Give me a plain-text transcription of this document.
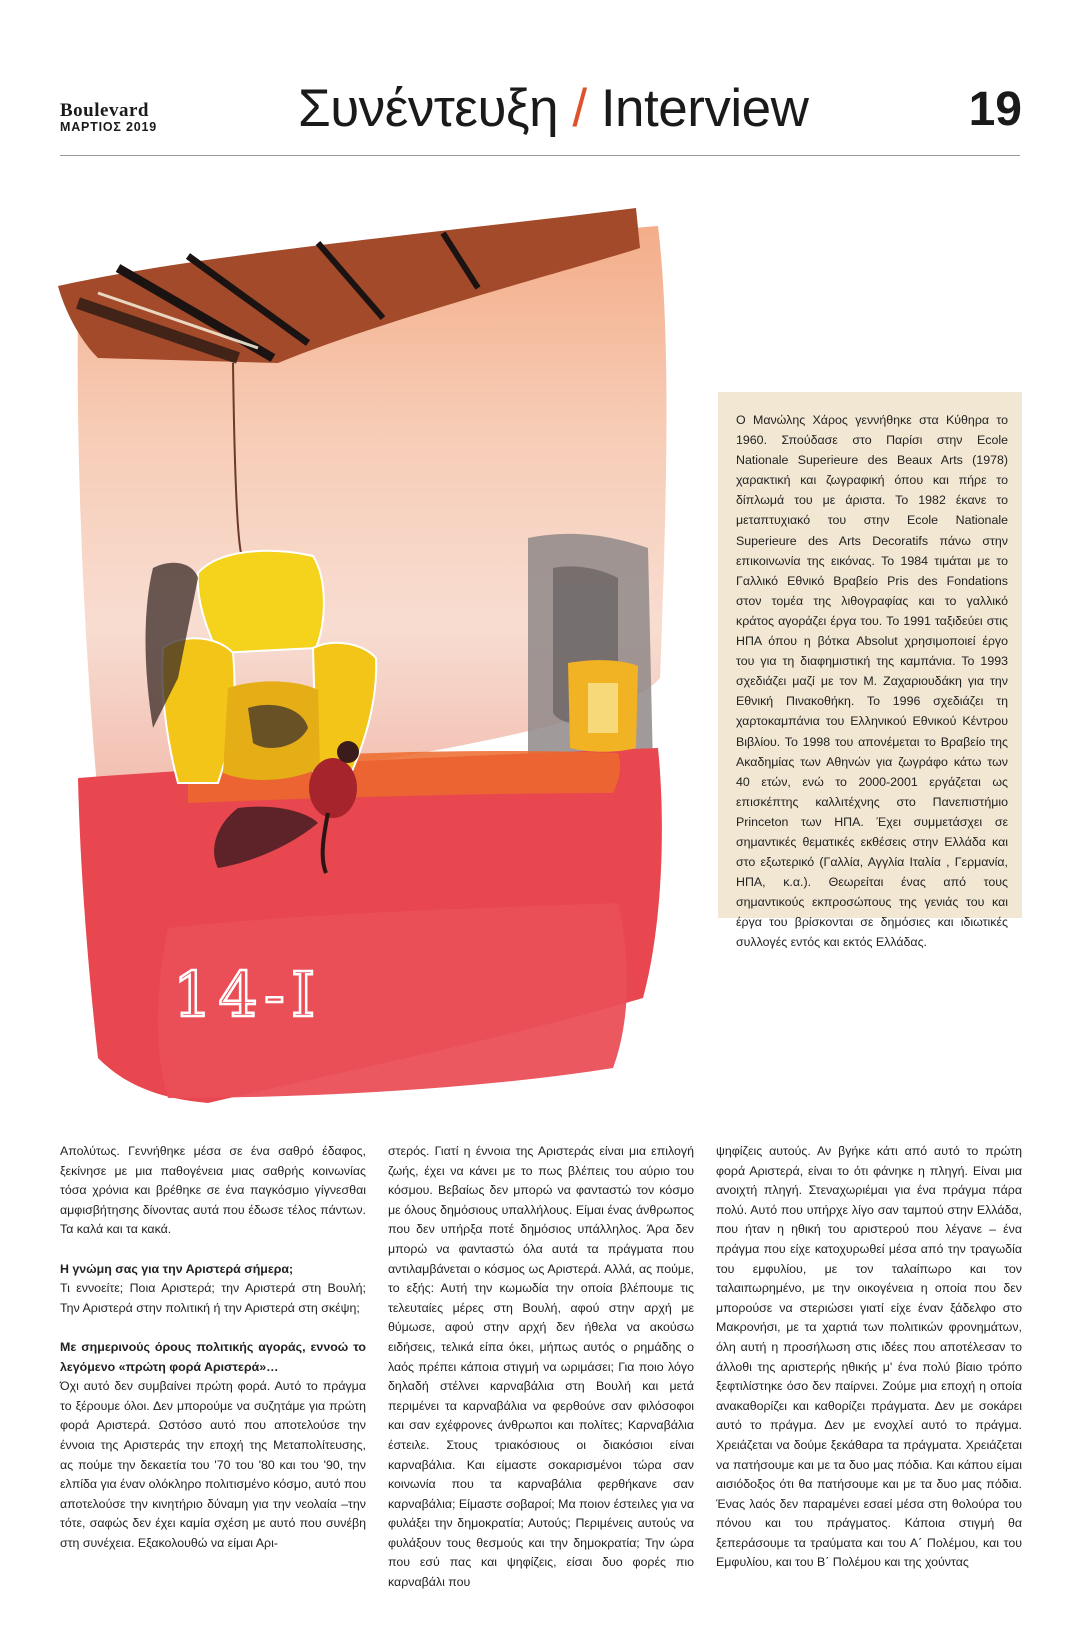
Boulevard
ΜΑΡΤΙΟΣ 2019	Συνέντευξη / Interview	19
14-I

Ο Μανώλης Χάρος γεννήθηκε στα Κύθηρα το 1960. Σπούδασε στο Παρίσι στην Ecole Nationale Superieure des Beaux Arts (1978) χαρακτική και ζωγραφική όπου και πήρε το δίπλωμά του με άριστα. Το 1982 έκανε το μεταπτυχιακό του στην Ecole Nationale Superieure des Arts Decoratifs πάνω στην επικοινωνία της εικόνας. Το 1984 τιμάται με το Γαλλικό Εθνικό Βραβείο Pris des Fondations στον τομέα της λιθογραφίας και το γαλλικό κράτος αγοράζει έργα του. Το 1991 ταξιδεύει στις ΗΠΑ όπου η βότκα Absolut χρησιμοποιεί έργο του για τη διαφημιστική της καμπάνια. Το 1993 σχεδιάζει μαζί με τον Μ. Ζαχαριουδάκη για την Εθνική Πινακοθήκη. Το 1996 σχεδιάζει τη χαρτοκαμπάνια του Ελληνικού Εθνικού Κέντρου Βιβλίου. Το 1998 του απονέμεται το Βραβείο της Ακαδημίας των Αθηνών για ζωγράφο κάτω των 40 ετών, ενώ το 2000-2001 εργάζεται ως επισκέπτης καλλιτέχνης στο Πανεπιστήμιο Princeton των ΗΠΑ. Έχει συμμετάσχει σε σημαντικές θεματικές εκθέσεις στην Ελλάδα και στο εξωτερικό (Γαλλία, Αγγλία Ιταλία , Γερμανία, ΗΠΑ, κ.α.). Θεωρείται ένας από τους σημαντικούς εκπροσώπους της γενιάς του και έργα του βρίσκονται σε δημόσιες και ιδιωτικές συλλογές εντός και εκτός Ελλάδας.

Απολύτως. Γεννήθηκε μέσα σε ένα σαθρό έδαφος, ξεκίνησε με μια παθογένεια μιας σαθρής κοινωνίας τόσα χρόνια και βρέθηκε σε ένα παγκόσμιο γίγνεσθαι αμφισβήτησης δίνοντας αυτά που έδωσε τέλος πάντων. Τα καλά και τα κακά.

Η γνώμη σας για την Αριστερά σήμερα;

Τι εννοείτε; Ποια Αριστερά; την Αριστερά στη Βουλή; Την Αριστερά στην πολιτική ή την Αριστερά στη σκέψη;

Με σημερινούς όρους πολιτικής αγοράς, εννοώ το λεγόμενο «πρώτη φορά Αριστερά»…

Όχι αυτό δεν συμβαίνει πρώτη φορά. Αυτό το πράγμα το ξέρουμε όλοι. Δεν μπορούμε να συζητάμε για πρώτη φορά Αριστερά. Ωστόσο αυτό που αποτελούσε την έννοια της Αριστεράς την εποχή της Μεταπολίτευσης, ας πούμε την δεκαετία του '70 του '80 και του '90, την ελπίδα για έναν ολόκληρο πολιτισμένο κόσμο, αυτό που αποτελούσε την κινητήριο δύναμη για την νεολαία –την τότε, σαφώς δεν έχει καμία σχέση με αυτό που συνέβη στη συνέχεια. Εξακολουθώ να είμαι Αρι-

στερός. Γιατί η έννοια της Αριστεράς είναι μια επιλογή ζωής, έχει να κάνει με το πως βλέπεις του αύριο του κόσμου. Βεβαίως δεν μπορώ να φανταστώ τον κόσμο με όλους δημόσιους υπαλλήλους. Είμαι ένας άνθρωπος που δεν υπήρξα ποτέ δημόσιος υπάλληλος. Άρα δεν μπορώ να φανταστώ όλα αυτά τα πράγματα που αντιλαμβάνεται ο κόσμος ως Αριστερά. Αλλά, ας πούμε, το εξής: Αυτή την κωμωδία την οποία βλέπουμε τις τελευταίες μέρες στη Βουλή, αφού στην αρχή με θύμωσε, αφού στην αρχή δεν ήθελα να ακούσω ειδήσεις, τελικά είπα όκει, μήπως αυτός ο ρημάδης ο λαός πρέπει κάποια στιγμή να ωριμάσει; Για ποιο λόγο δηλαδή στέλνει καρναβάλια στη Βουλή και μετά περιμένει τα καρναβάλια να φερθούνε σαν φιλόσοφοι και σαν εχέφρονες άνθρωποι και πολίτες; Καρναβάλια έστειλε. Στους τριακόσιους οι διακόσιοι είναι καρναβάλια. Και είμαστε σοκαρισμένοι τώρα σαν κοινωνία που τα καρναβάλια φερθήκανε σαν καρναβάλια; Είμαστε σοβαροί; Μα ποιον έστειλες για να φυλάξει την δημοκρατία; Αυτούς; Περιμένεις αυτούς να φυλάξουν τους θεσμούς και την δημοκρατία; Την ώρα που εσύ πας και ψηφίζεις, είσαι δυο φορές πιο καρναβάλι που

ψηφίζεις αυτούς. Αν βγήκε κάτι από αυτό το πρώτη φορά Αριστερά, είναι το ότι φάνηκε η πληγή. Είναι μια ανοιχτή πληγή. Στεναχωριέμαι για ένα πράγμα πάρα πολύ. Αυτό που υπήρχε λίγο σαν ταμπού στην Ελλάδα, που ήταν η ηθική του αριστερού που λέγανε – ένα πράγμα που είχε κατοχυρωθεί μέσα από την τραγωδία του εμφυλίου, με τον ταλαίπωρο και τον ταλαιπωρημένο, με την οικογένεια η οποία που δεν μπορούσε να στεριώσει γιατί είχε έναν ξάδελφο στο Μακρονήσι, με τα χαρτιά των πολιτικών φρονημάτων, όλη αυτή η προσήλωση στις ιδέες που αποτέλεσαν το άλλοθι της αριστερής ηθικής μ' ένα πολύ βίαιο τρόπο ξεφτιλίστηκε όσο δεν παίρνει. Ζούμε μια εποχή η οποία ανακαθορίζει και καθορίζει πράγματα. Δεν με σοκάρει αυτό το πράγμα. Δεν με ενοχλεί αυτό το πράγμα. Χρειάζεται να δούμε ξεκάθαρα τα πράγματα. Χρειάζεται να πατήσουμε και με τα δυο μας πόδια. Και κάπου είμαι αισιόδοξος ότι θα πατήσουμε και με τα δυο μας πόδια. Ένας λαός δεν παραμένει εσαεί μέσα στη θολούρα του πόνου και του πράγματος. Κάποια στιγμή θα ξεπεράσουμε τα τραύματα και του Α΄ Πολέμου, και του Εμφυλίου, και του Β΄ Πολέμου και της χούντας
